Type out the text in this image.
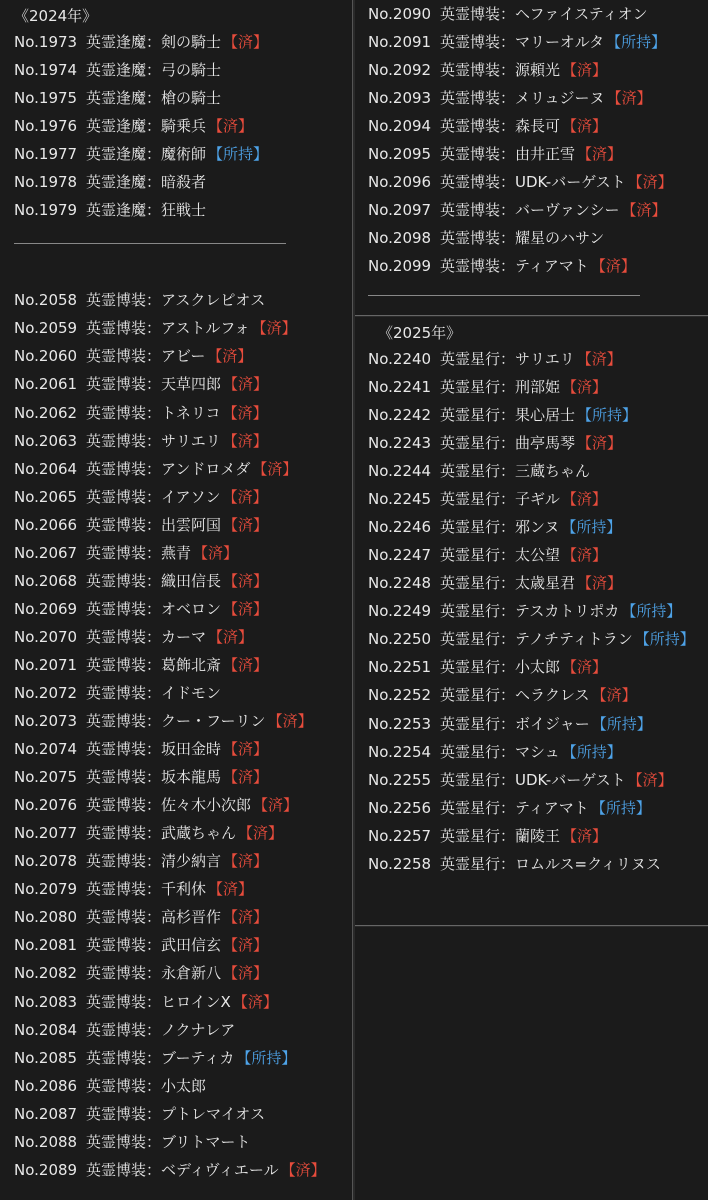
《2024年》
No.1973 英霊逢魔：剣の騎士 【済】
No.1974 英霊逢魔：弓の騎士
No.1975 英霊逢魔：槍の騎士
No.1976 英霊逢魔：騎乗兵 【済】
No.1977 英霊逢魔：魔術師 【所持】
No.1978 英霊逢魔：暗殺者
No.1979 英霊逢魔：狂戦士
No.2058 英霊博装：アスクレピオス
No.2059 英霊博装：アストルフォ 【済】
No.2060 英霊博装：アビー 【済】
No.2061 英霊博装：天草四郎 【済】
No.2062 英霊博装：トネリコ 【済】
No.2063 英霊博装：サリエリ 【済】
No.2064 英霊博装：アンドロメダ 【済】
No.2065 英霊博装：イアソン 【済】
No.2066 英霊博装：出雲阿国 【済】
No.2067 英霊博装：燕青 【済】
No.2068 英霊博装：織田信長 【済】
No.2069 英霊博装：オベロン 【済】
No.2070 英霊博装：カーマ 【済】
No.2071 英霊博装：葛飾北斎 【済】
No.2072 英霊博装：イドモン
No.2073 英霊博装：クー・フーリン 【済】
No.2074 英霊博装：坂田金時 【済】
No.2075 英霊博装：坂本龍馬 【済】
No.2076 英霊博装：佐々木小次郎 【済】
No.2077 英霊博装：武蔵ちゃん 【済】
No.2078 英霊博装：清少納言 【済】
No.2079 英霊博装：千利休 【済】
No.2080 英霊博装：高杉晋作 【済】
No.2081 英霊博装：武田信玄 【済】
No.2082 英霊博装：永倉新八 【済】
No.2083 英霊博装：ヒロインX 【済】
No.2084 英霊博装：ノクナレア
No.2085 英霊博装：ブーティカ 【所持】
No.2086 英霊博装：小太郎
No.2087 英霊博装：プトレマイオス
No.2088 英霊博装：ブリトマート
No.2089 英霊博装：ベディヴィエール 【済】
No.2090 英霊博装：ヘファイスティオン
No.2091 英霊博装：マリーオルタ 【所持】
No.2092 英霊博装：源頼光 【済】
No.2093 英霊博装：メリュジーヌ 【済】
No.2094 英霊博装：森長可 【済】
No.2095 英霊博装：由井正雪 【済】
No.2096 英霊博装：UDK-バーゲスト 【済】
No.2097 英霊博装：バーヴァンシー 【済】
No.2098 英霊博装：耀星のハサン
No.2099 英霊博装：ティアマト 【済】
《2025年》
No.2240 英霊星行：サリエリ 【済】
No.2241 英霊星行：刑部姫 【済】
No.2242 英霊星行：果心居士 【所持】
No.2243 英霊星行：曲亭馬琴 【済】
No.2244 英霊星行：三蔵ちゃん
No.2245 英霊星行：子ギル 【済】
No.2246 英霊星行：邪ンヌ 【所持】
No.2247 英霊星行：太公望 【済】
No.2248 英霊星行：太歳星君 【済】
No.2249 英霊星行：テスカトリポカ 【所持】
No.2250 英霊星行：テノチティトラン 【所持】
No.2251 英霊星行：小太郎 【済】
No.2252 英霊星行：ヘラクレス 【済】
No.2253 英霊星行：ボイジャー 【所持】
No.2254 英霊星行：マシュ 【所持】
No.2255 英霊星行：UDK-バーゲスト 【済】
No.2256 英霊星行：ティアマト 【所持】
No.2257 英霊星行：蘭陵王 【済】
No.2258 英霊星行：ロムルス=クィリヌス
